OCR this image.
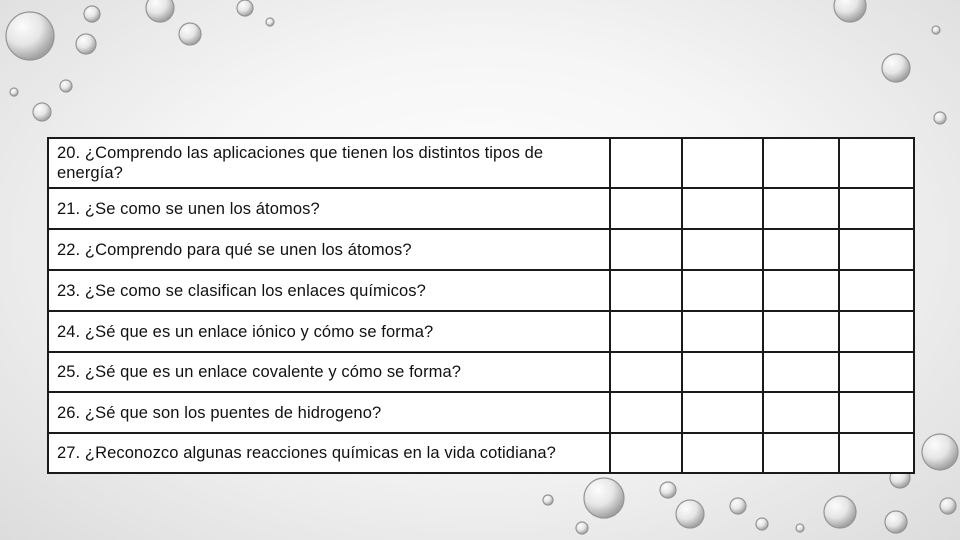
20. ¿Comprendo las aplicaciones que tienen los distintos tipos de energía?				
21. ¿Se como se unen los átomos?				
22. ¿Comprendo para qué se unen los átomos?				
23. ¿Se como se clasifican los enlaces químicos?				
24. ¿Sé que es un enlace iónico y cómo se forma?				
25. ¿Sé que es un enlace covalente y cómo se forma?				
26. ¿Sé que son los puentes de hidrogeno?				
27. ¿Reconozco algunas reacciones químicas en la vida cotidiana?				
